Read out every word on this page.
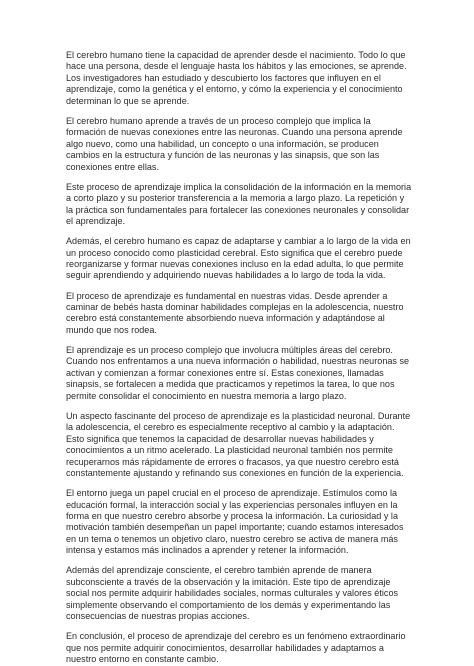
El cerebro humano tiene la capacidad de aprender desde el nacimiento. Todo lo que hace una persona, desde el lenguaje hasta los hábitos y las emociones, se aprende. Los investigadores han estudiado y descubierto los factores que influyen en el aprendizaje, como la genética y el entorno, y cómo la experiencia y el conocimiento determinan lo que se aprende.

El cerebro humano aprende a través de un proceso complejo que implica la formación de nuevas conexiones entre las neuronas. Cuando una persona aprende algo nuevo, como una habilidad, un concepto o una información, se producen cambios en la estructura y función de las neuronas y las sinapsis, que son las conexiones entre ellas.

Este proceso de aprendizaje implica la consolidación de la información en la memoria a corto plazo y su posterior transferencia a la memoria a largo plazo. La repetición y la práctica son fundamentales para fortalecer las conexiones neuronales y consolidar el aprendizaje.

Además, el cerebro humano es capaz de adaptarse y cambiar a lo largo de la vida en un proceso conocido como plasticidad cerebral. Esto significa que el cerebro puede reorganizarse y formar nuevas conexiones incluso en la edad adulta, lo que permite seguir aprendiendo y adquiriendo nuevas habilidades a lo largo de toda la vida.

El proceso de aprendizaje es fundamental en nuestras vidas. Desde aprender a caminar de bebés hasta dominar habilidades complejas en la adolescencia, nuestro cerebro está constantemente absorbiendo nueva información y adaptándose al mundo que nos rodea.

El aprendizaje es un proceso complejo que involucra múltiples áreas del cerebro. Cuando nos enfrentamos a una nueva información o habilidad, nuestras neuronas se activan y comienzan a formar conexiones entre sí. Estas conexiones, llamadas sinapsis, se fortalecen a medida que practicamos y repetimos la tarea, lo que nos permite consolidar el conocimiento en nuestra memoria a largo plazo.

Un aspecto fascinante del proceso de aprendizaje es la plasticidad neuronal. Durante la adolescencia, el cerebro es especialmente receptivo al cambio y la adaptación. Esto significa que tenemos la capacidad de desarrollar nuevas habilidades y conocimientos a un ritmo acelerado. La plasticidad neuronal también nos permite recuperarnos más rápidamente de errores o fracasos, ya que nuestro cerebro está constantemente ajustando y refinando sus conexiones en función de la experiencia.

El entorno juega un papel crucial en el proceso de aprendizaje. Estímulos como la educación formal, la interacción social y las experiencias personales influyen en la forma en que nuestro cerebro absorbe y procesa la información. La curiosidad y la motivación también desempeñan un papel importante; cuando estamos interesados en un tema o tenemos un objetivo claro, nuestro cerebro se activa de manera más intensa y estamos más inclinados a aprender y retener la información.

Además del aprendizaje consciente, el cerebro también aprende de manera subconsciente a través de la observación y la imitación. Este tipo de aprendizaje social nos permite adquirir habilidades sociales, normas culturales y valores éticos simplemente observando el comportamiento de los demás y experimentando las consecuencias de nuestras propias acciones.

En conclusión, el proceso de aprendizaje del cerebro es un fenómeno extraordinario que nos permite adquirir conocimientos, desarrollar habilidades y adaptarnos a nuestro entorno en constante cambio.
